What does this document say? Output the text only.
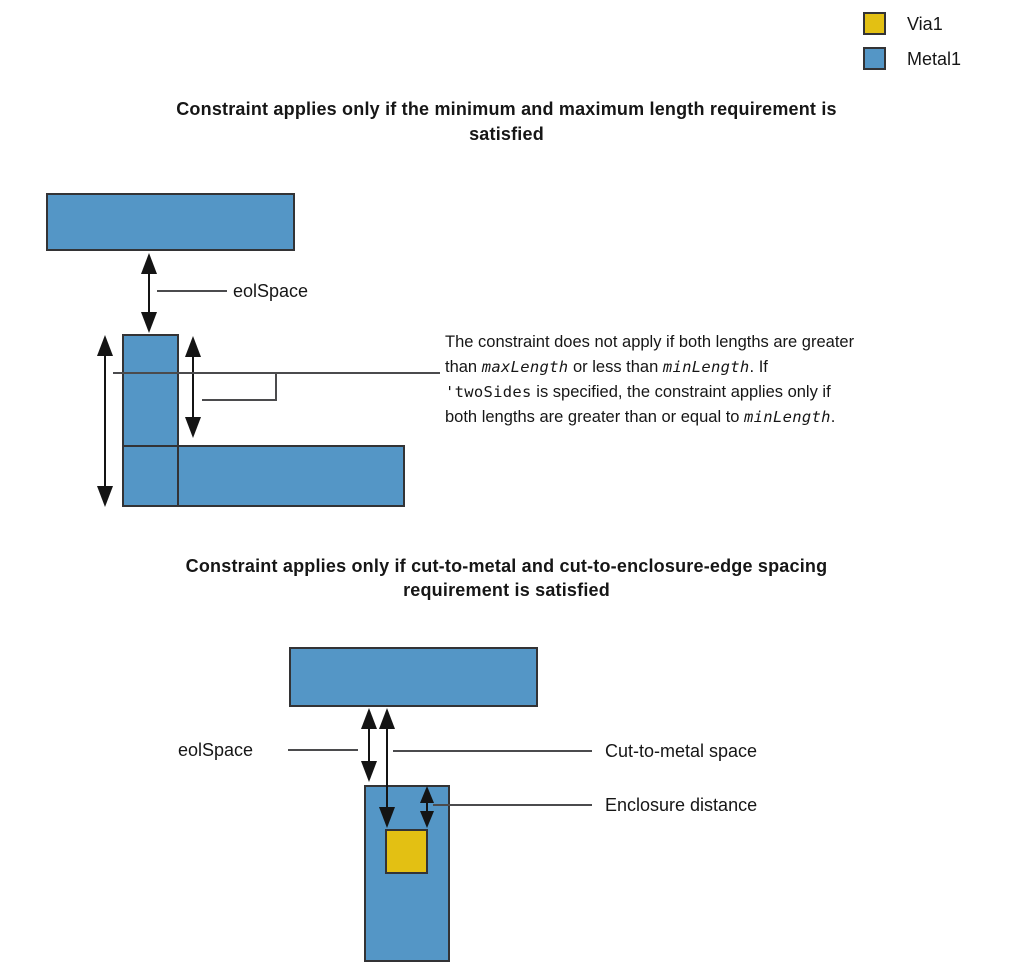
Via1
Metal1
Constraint applies only if the minimum and maximum length requirement is
satisfied
eolSpace
The constraint does not apply if both lengths are greater
than maxLength or less than minLength. If
'twoSides is specified, the constraint applies only if
both lengths are greater than or equal to minLength.
Constraint applies only if cut-to-metal and cut-to-enclosure-edge spacing
requirement is satisfied
eolSpace	Cut-to-metal space
Enclosure distance
